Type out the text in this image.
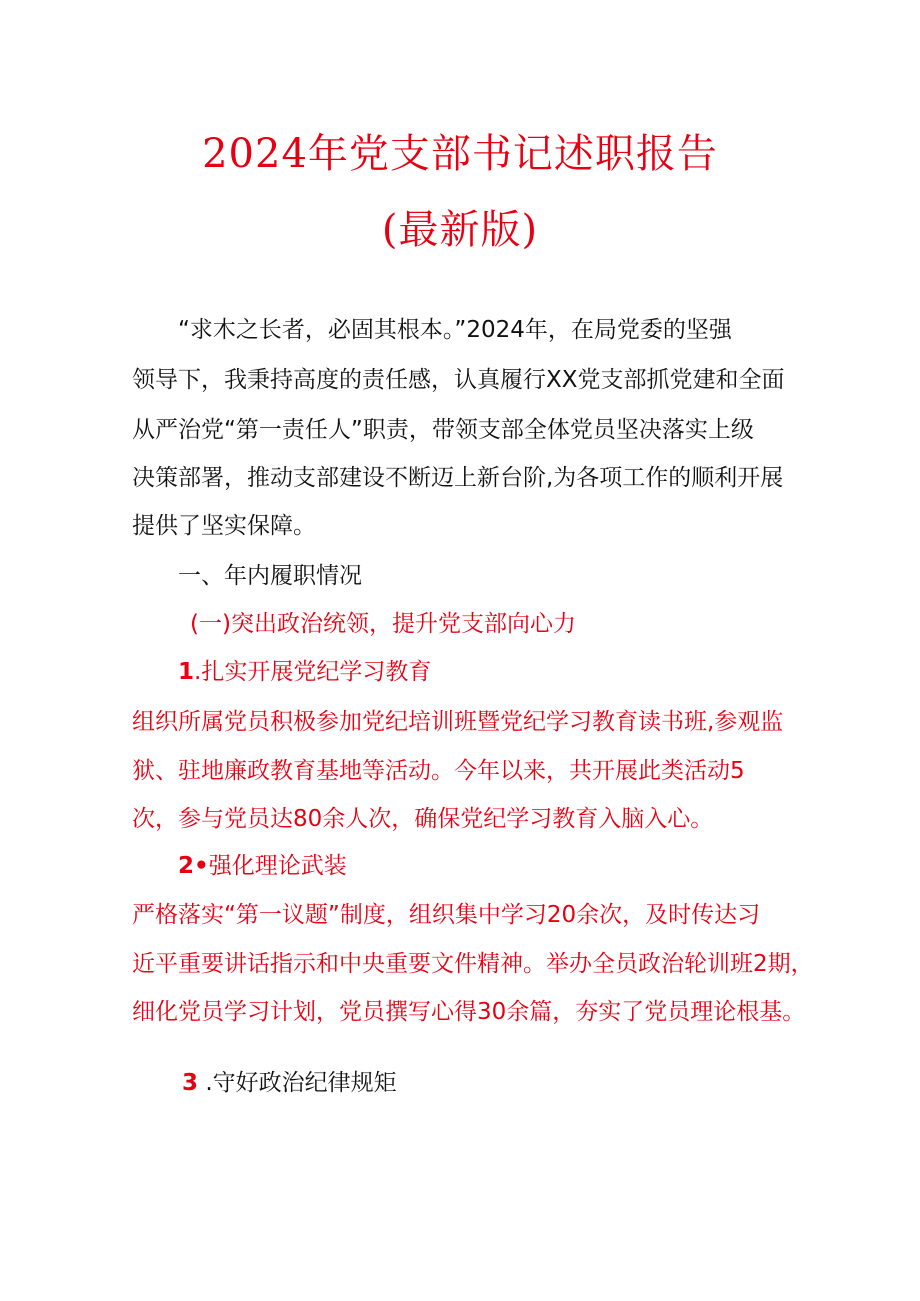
2024年党支部书记述职报告
(最新版)
“求木之长者，必固其根本。”2024年，在局党委的坚强
领导下，我秉持高度的责任感，认真履行XX党支部抓党建和全面
从严治党“第一责任人”职责，带领支部全体党员坚决落实上级
决策部署，推动支部建设不断迈上新台阶,为各项工作的顺利开展
提供了坚实保障。
一、年内履职情况
(一)突出政治统领，提升党支部向心力
1.扎实开展党纪学习教育
组织所属党员积极参加党纪培训班暨党纪学习教育读书班,参观监
狱、驻地廉政教育基地等活动。今年以来，共开展此类活动5
次，参与党员达80余人次，确保党纪学习教育入脑入心。
2•强化理论武装
严格落实“第一议题”制度，组织集中学习20余次，及时传达习
近平重要讲话指示和中央重要文件精神。举办全员政治轮训班2期，
细化党员学习计划，党员撰写心得30余篇，夯实了党员理论根基。
3 .守好政治纪律规矩
